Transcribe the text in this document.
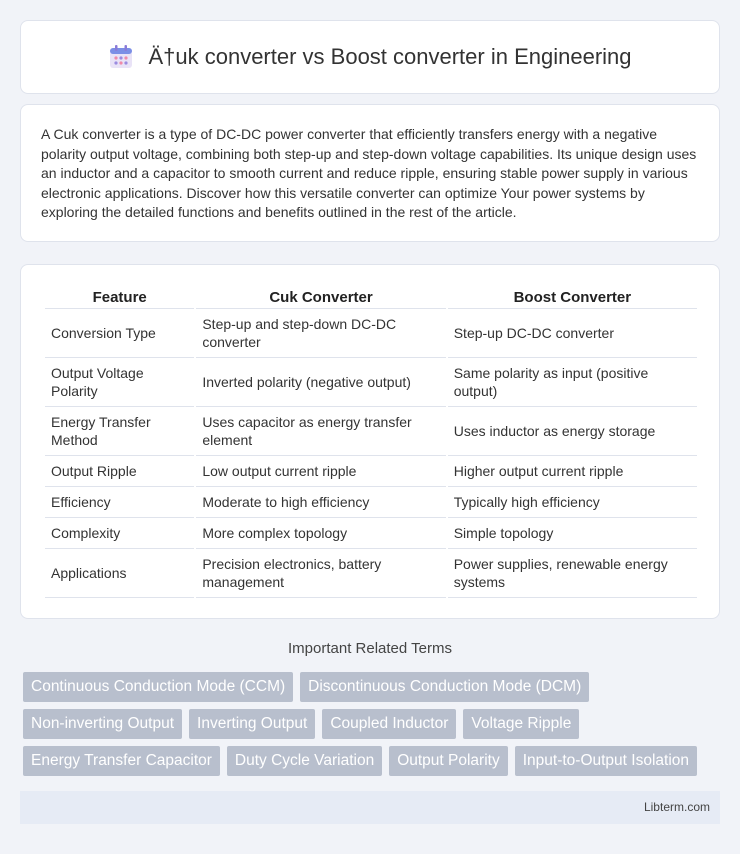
Ä†uk converter vs Boost converter in Engineering

A Cuk converter is a type of DC-DC power converter that efficiently transfers energy with a negative polarity output voltage, combining both step-up and step-down voltage capabilities. Its unique design uses an inductor and a capacitor to smooth current and reduce ripple, ensuring stable power supply in various electronic applications. Discover how this versatile converter can optimize Your power systems by exploring the detailed functions and benefits outlined in the rest of the article.

Feature	Cuk Converter	Boost Converter
Conversion Type	Step-up and step-down DC-DC converter	Step-up DC-DC converter
Output Voltage Polarity	Inverted polarity (negative output)	Same polarity as input (positive output)
Energy Transfer Method	Uses capacitor as energy transfer element	Uses inductor as energy storage
Output Ripple	Low output current ripple	Higher output current ripple
Efficiency	Moderate to high efficiency	Typically high efficiency
Complexity	More complex topology	Simple topology
Applications	Precision electronics, battery management	Power supplies, renewable energy systems
Important Related Terms
Continuous Conduction Mode (CCM)	Discontinuous Conduction Mode (DCM)
Non-inverting Output	Inverting Output	Coupled Inductor	Voltage Ripple
Energy Transfer Capacitor	Duty Cycle Variation	Output Polarity	Input-to-Output Isolation
Libterm.com
